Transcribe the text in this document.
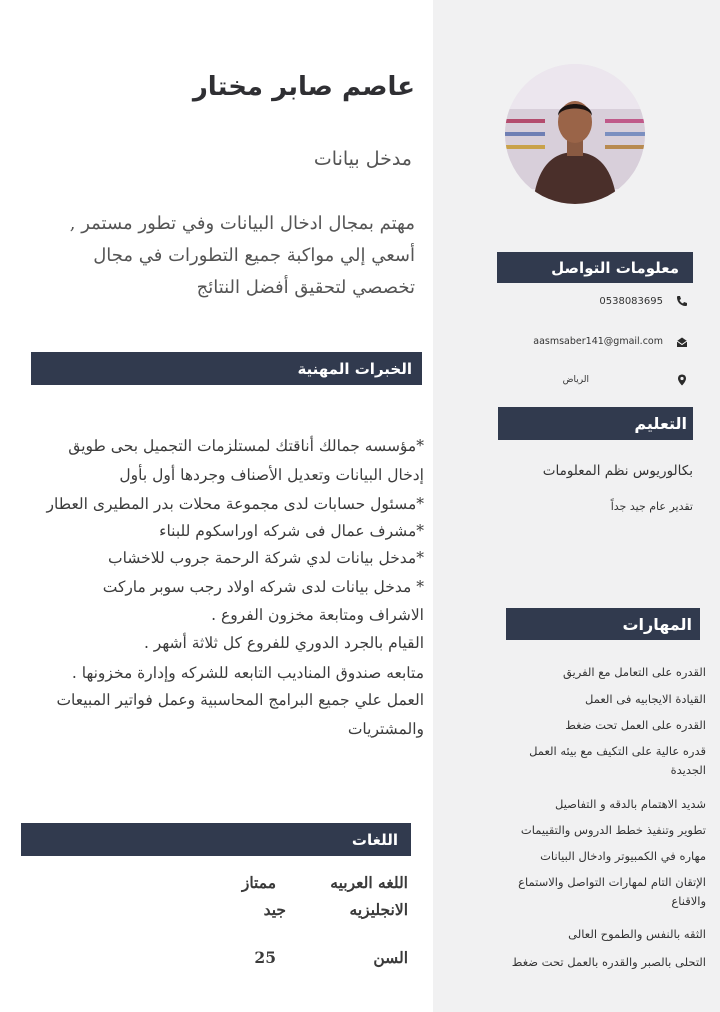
عاصم صابر مختار
مدخل بيانات
مهتم بمجال ادخال البيانات وفي تطور مستمر ,
أسعي إلي مواكبة جميع التطورات في مجال
تخصصي لتحقيق أفضل النتائج
معلومات التواصل
0538083695
aasmsaber141@gmail.com
الرياض
التعليم
بكالوريوس نظم المعلومات
تقدير عام جيد جداً
المهارات
القدره على التعامل مع الفريق
القيادة الايجابيه فى العمل
القدره على العمل تحت ضغط
قدره عالية على التكيف مع بيئه العمل الجديدة
شديد الاهتمام بالدقه و التفاصيل
تطوير وتنفيذ خطط الدروس والتقييمات
مهاره في الكمبيوتر وادخال البيانات
الإتقان التام لمهارات التواصل والاستماع والاقناع
الثقه بالنفس والطموح العالى
التحلى بالصبر والقدره بالعمل تحت ضغط
الخبرات المهنية
*مؤسسه جمالك أناقتك لمستلزمات التجميل بحى طويق
إدخال البيانات وتعديل الأصناف وجردها أول بأول
*مسئول حسابات لدى مجموعة محلات بدر المطيرى العطار
*مشرف عمال فى شركه اوراسكوم للبناء
*مدخل بيانات لدي شركة الرحمة جروب للاخشاب
* مدخل بيانات لدى شركه اولاد رجب سوبر ماركت
الاشراف ومتابعة مخزون الفروع .
القيام بالجرد الدوري للفروع كل ثلاثة أشهر .
متابعه صندوق المناديب التابعه للشركه وإدارة مخزونها .
العمل علي جميع البرامج المحاسبية وعمل فواتير المبيعات
والمشتريات
اللغات
اللغه العربيه
ممتاز
الانجليزيه
جيد
السن
25
